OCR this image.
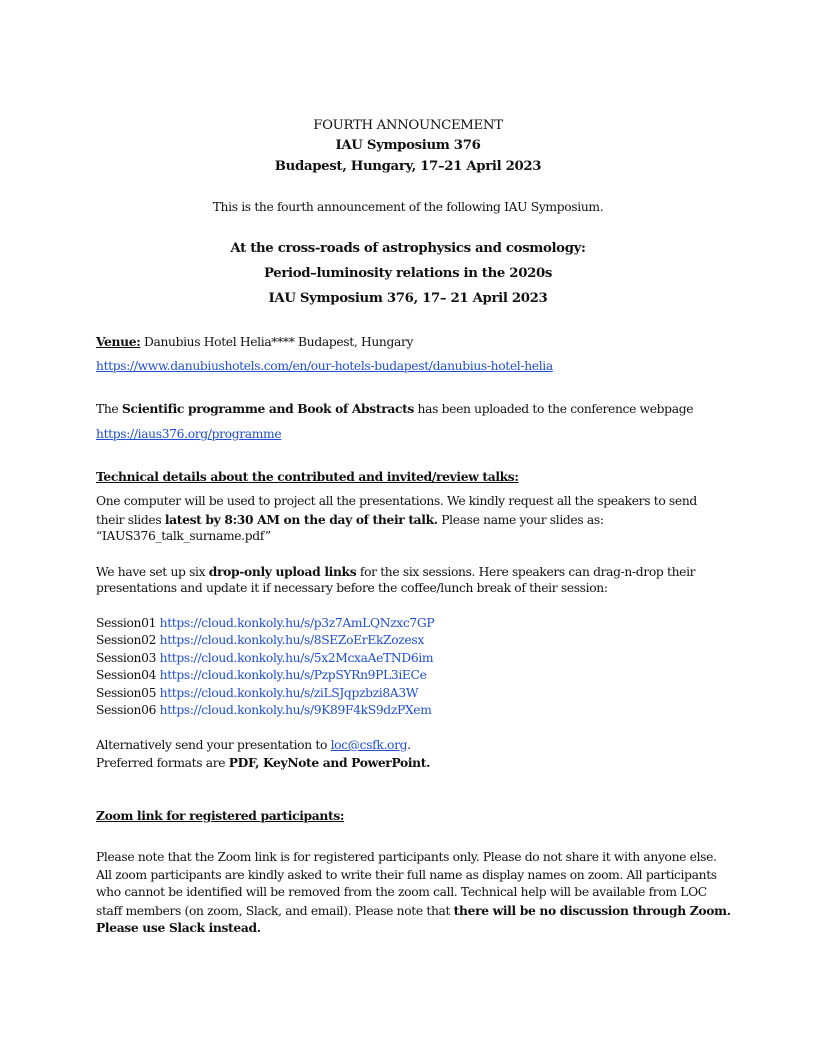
FOURTH ANNOUNCEMENT
IAU Symposium 376
Budapest, Hungary, 17–21 April 2023
This is the fourth announcement of the following IAU Symposium.
At the cross-roads of astrophysics and cosmology:
Period–luminosity relations in the 2020s
IAU Symposium 376, 17– 21 April 2023
Venue: Danubius Hotel Helia**** Budapest, Hungary
https://www.danubiushotels.com/en/our-hotels-budapest/danubius-hotel-helia
The Scientific programme and Book of Abstracts has been uploaded to the conference webpage
https://iaus376.org/programme
Technical details about the contributed and invited/review talks:
One computer will be used to project all the presentations. We kindly request all the speakers to send
their slides latest by 8:30 AM on the day of their talk. Please name your slides as:
“IAUS376_talk_surname.pdf”
We have set up six drop-only upload links for the six sessions. Here speakers can drag-n-drop their
presentations and update it if necessary before the coffee/lunch break of their session:
Session01 https://cloud.konkoly.hu/s/p3z7AmLQNzxc7GP
Session02 https://cloud.konkoly.hu/s/8SEZoErEkZozesx
Session03 https://cloud.konkoly.hu/s/5x2McxaAeTND6im
Session04 https://cloud.konkoly.hu/s/PzpSYRn9PL3iECe
Session05 https://cloud.konkoly.hu/s/ziLSJqpzbzi8A3W
Session06 https://cloud.konkoly.hu/s/9K89F4kS9dzPXem
Alternatively send your presentation to loc@csfk.org.
Preferred formats are PDF, KeyNote and PowerPoint.
Zoom link for registered participants:
Please note that the Zoom link is for registered participants only. Please do not share it with anyone else.
All zoom participants are kindly asked to write their full name as display names on zoom. All participants
who cannot be identified will be removed from the zoom call. Technical help will be available from LOC
staff members (on zoom, Slack, and email). Please note that there will be no discussion through Zoom.
Please use Slack instead.
